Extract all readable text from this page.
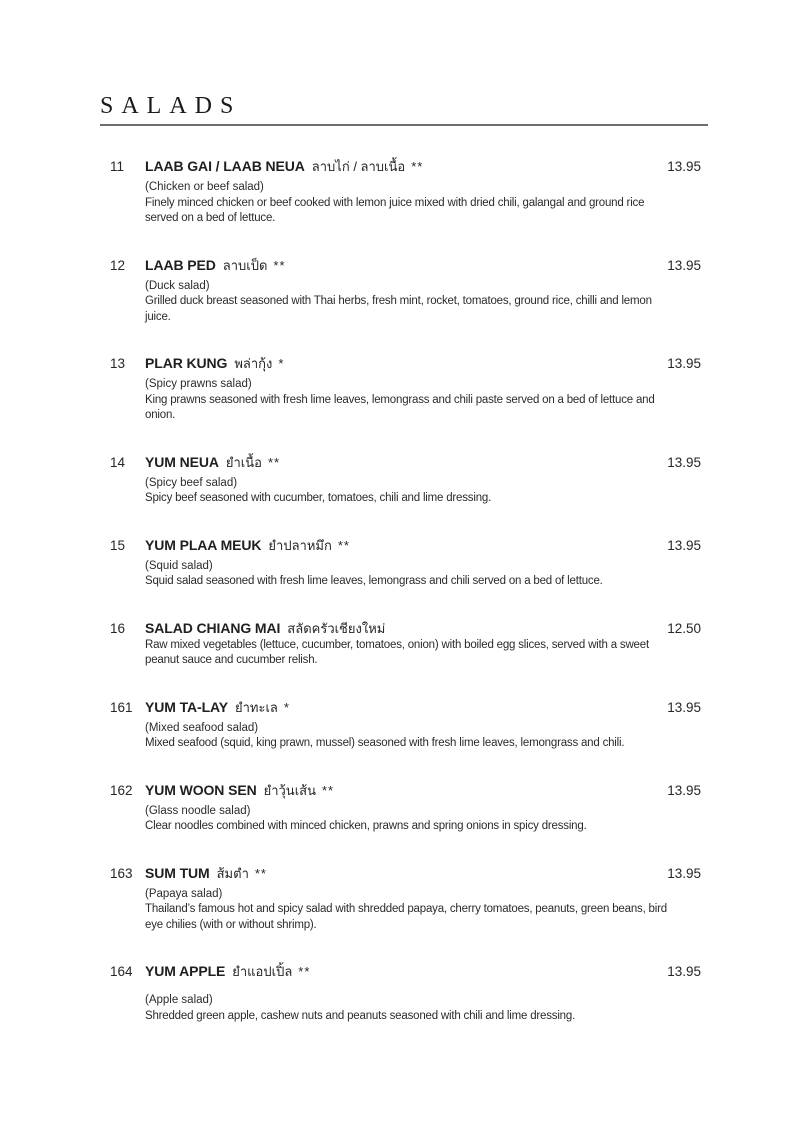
SALADS
11	LAAB GAI / LAAB NEUA ลาบไก่ / ลาบเนื้อ **
(Chicken or beef salad)
Finely minced chicken or beef cooked with lemon juice mixed with dried chili, galangal and ground rice served on a bed of lettuce.
13.95
12	LAAB PED ลาบเป็ด **
(Duck salad)
Grilled duck breast seasoned with Thai herbs, fresh mint, rocket, tomatoes, ground rice, chilli and lemon juice.
13.95
13	PLAR KUNG พล่ากุ้ง *
(Spicy prawns salad)
King prawns seasoned with fresh lime leaves, lemongrass and chili paste served on a bed of lettuce and onion.
13.95
14	YUM NEUA ยำเนื้อ **
(Spicy beef salad)
Spicy beef seasoned with cucumber, tomatoes, chili and lime dressing.
13.95
15	YUM PLAA MEUK ยำปลาหมึก **
(Squid salad)
Squid salad seasoned with fresh lime leaves, lemongrass and chili served on a bed of lettuce.
13.95
16	SALAD CHIANG MAI สลัดครัวเชียงใหม่
Raw mixed vegetables (lettuce, cucumber, tomatoes, onion) with boiled egg slices, served with a sweet peanut sauce and cucumber relish.
12.50
161 YUM TA-LAY ยำทะเล *
(Mixed seafood salad)
Mixed seafood (squid, king prawn, mussel) seasoned with fresh lime leaves, lemongrass and chili.
13.95
162 YUM WOON SEN ยำวุ้นเส้น **
(Glass noodle salad)
Clear noodles combined with minced chicken, prawns and spring onions in spicy dressing.
13.95
163 SUM TUM ส้มตำ **
(Papaya salad)
Thailand’s famous hot and spicy salad with shredded papaya, cherry tomatoes, peanuts, green beans, bird eye chilies (with or without shrimp).
13.95
164 YUM APPLE ยำแอปเปิ้ล **
(Apple salad)
Shredded green apple, cashew nuts and peanuts seasoned with chili and lime dressing.
13.95
